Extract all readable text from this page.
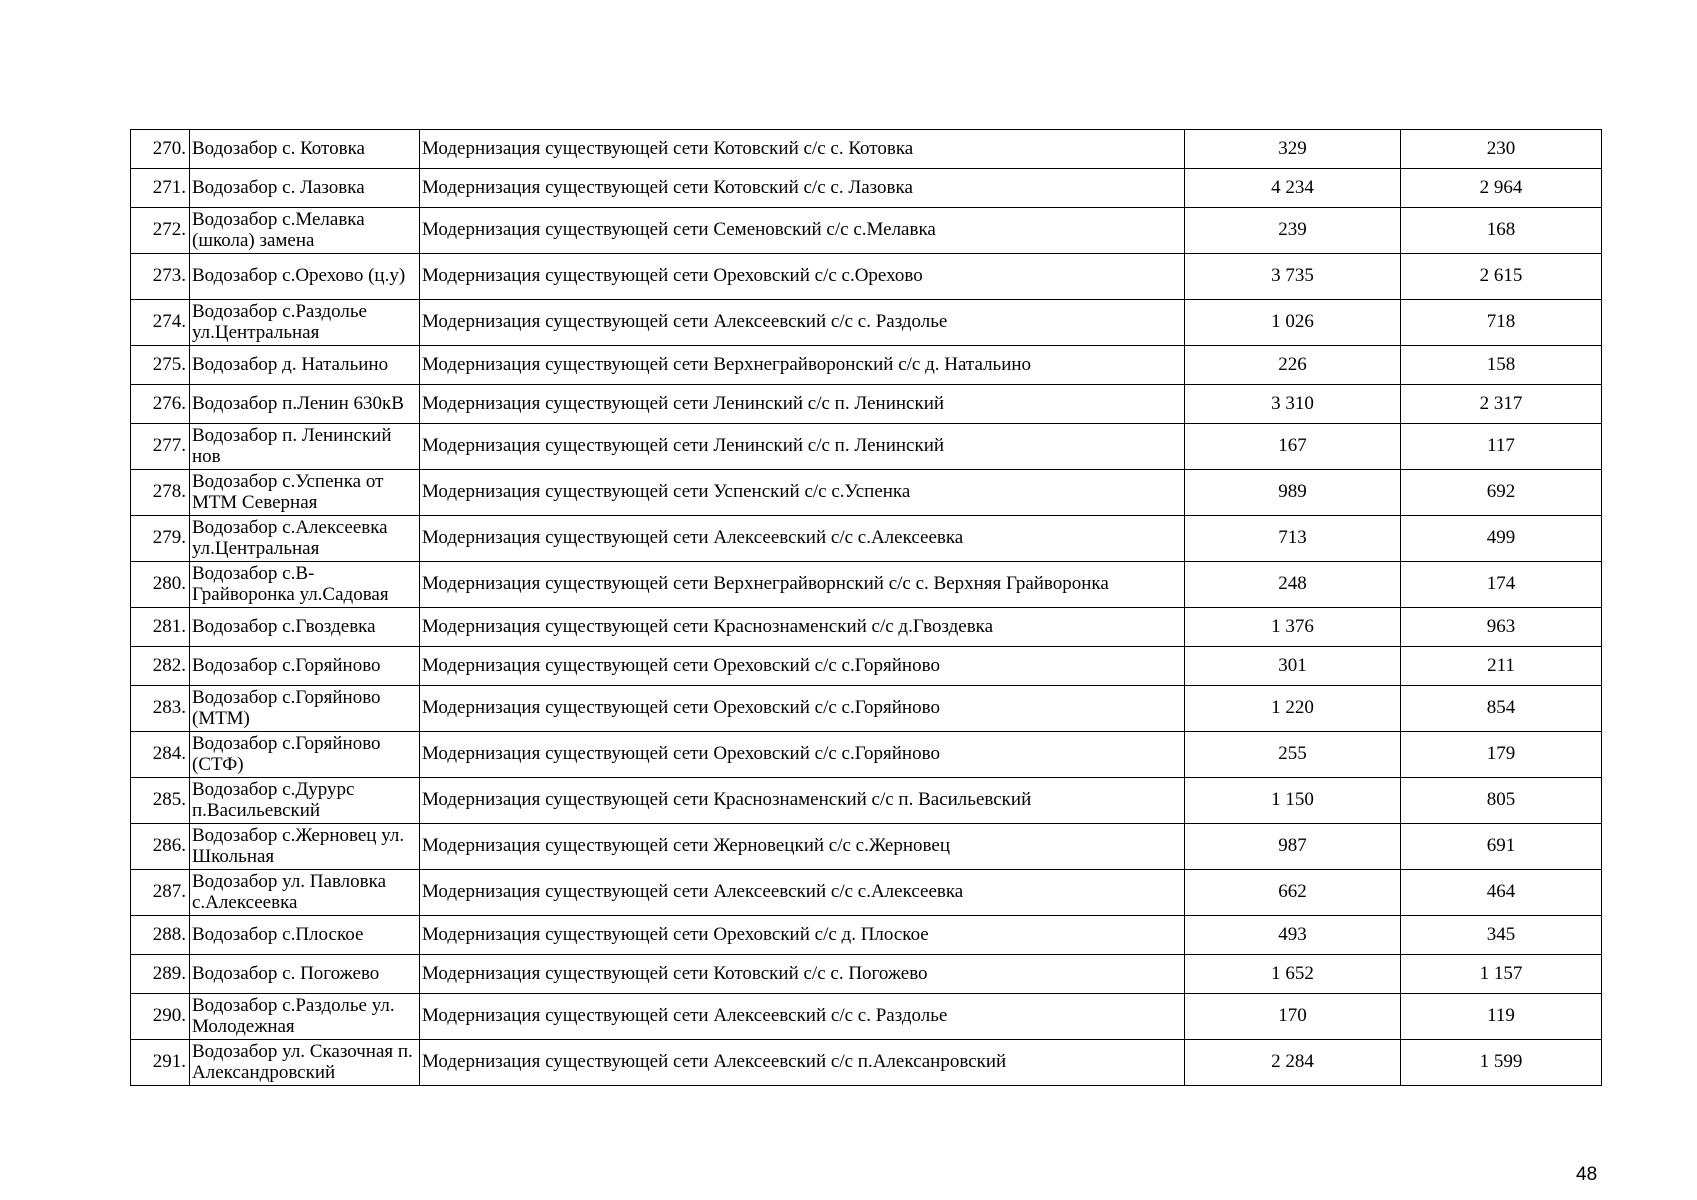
270.	Водозабор с. Котовка	Модернизация существующей сети Котовский с/с с. Котовка	329	230
271.	Водозабор с. Лазовка	Модернизация существующей сети Котовский с/с с. Лазовка	4 234	2 964
272.	Водозабор с.Мелавка (школа) замена	Модернизация существующей сети Семеновский с/с с.Мелавка	239	168
273.	Водозабор с.Орехово (ц.у)	Модернизация существующей сети Ореховский с/с с.Орехово	3 735	2 615
274.	Водозабор с.Раздолье ул.Центральная	Модернизация существующей сети Алексеевский с/с с. Раздолье	1 026	718
275.	Водозабор д. Натальино	Модернизация существующей сети Верхнеграйворонский с/с д. Натальино	226	158
276.	Водозабор п.Ленин 630кВ	Модернизация существующей сети Ленинский с/с п. Ленинский	3 310	2 317
277.	Водозабор п. Ленинский нов	Модернизация существующей сети Ленинский с/с п. Ленинский	167	117
278.	Водозабор с.Успенка от МТМ Северная	Модернизация существующей сети Успенский с/с с.Успенка	989	692
279.	Водозабор с.Алексеевка ул.Центральная	Модернизация существующей сети Алексеевский с/с с.Алексеевка	713	499
280.	Водозабор с.В-Грайворонка ул.Садовая	Модернизация существующей сети Верхнеграйворнский с/с с. Верхняя Грайворонка	248	174
281.	Водозабор с.Гвоздевка	Модернизация существующей сети Краснознаменский с/с д.Гвоздевка	1 376	963
282.	Водозабор с.Горяйново	Модернизация существующей сети Ореховский с/с с.Горяйново	301	211
283.	Водозабор с.Горяйново (МТМ)	Модернизация существующей сети Ореховский с/с с.Горяйново	1 220	854
284.	Водозабор с.Горяйново (СТФ)	Модернизация существующей сети Ореховский с/с с.Горяйново	255	179
285.	Водозабор с.Дурурс п.Васильевский	Модернизация существующей сети Краснознаменский с/с п. Васильевский	1 150	805
286.	Водозабор с.Жерновец ул. Школьная	Модернизация существующей сети Жерновецкий с/с с.Жерновец	987	691
287.	Водозабор ул. Павловка с.Алексеевка	Модернизация существующей сети Алексеевский с/с с.Алексеевка	662	464
288.	Водозабор с.Плоское	Модернизация существующей сети Ореховский с/с д. Плоское	493	345
289.	Водозабор с. Погожево	Модернизация существующей сети Котовский с/с с. Погожево	1 652	1 157
290.	Водозабор с.Раздолье ул. Молодежная	Модернизация существующей сети Алексеевский с/с с. Раздолье	170	119
291.	Водозабор ул. Сказочная п. Александровский	Модернизация существующей сети Алексеевский с/с п.Алексанровский	2 284	1 599
48
